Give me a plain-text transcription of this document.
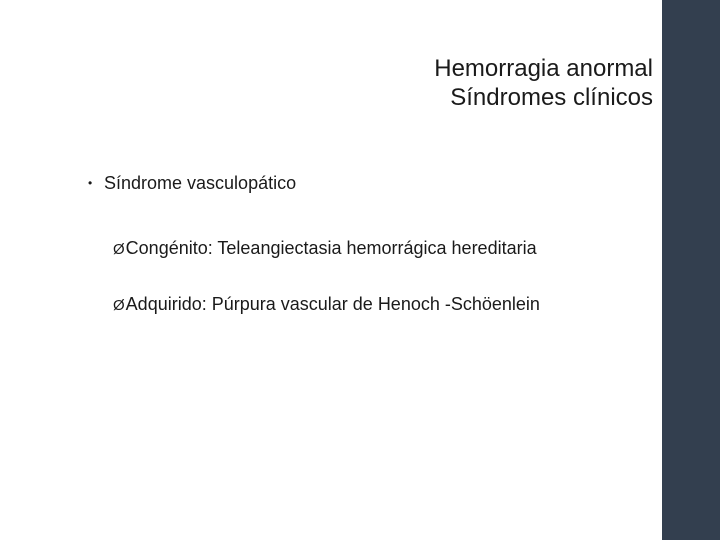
Hemorragia anormal
Síndromes clínicos
• Síndrome vasculopático
ØCongénito: Teleangiectasia hemorrágica hereditaria
ØAdquirido: Púrpura vascular de Henoch -Schöenlein
